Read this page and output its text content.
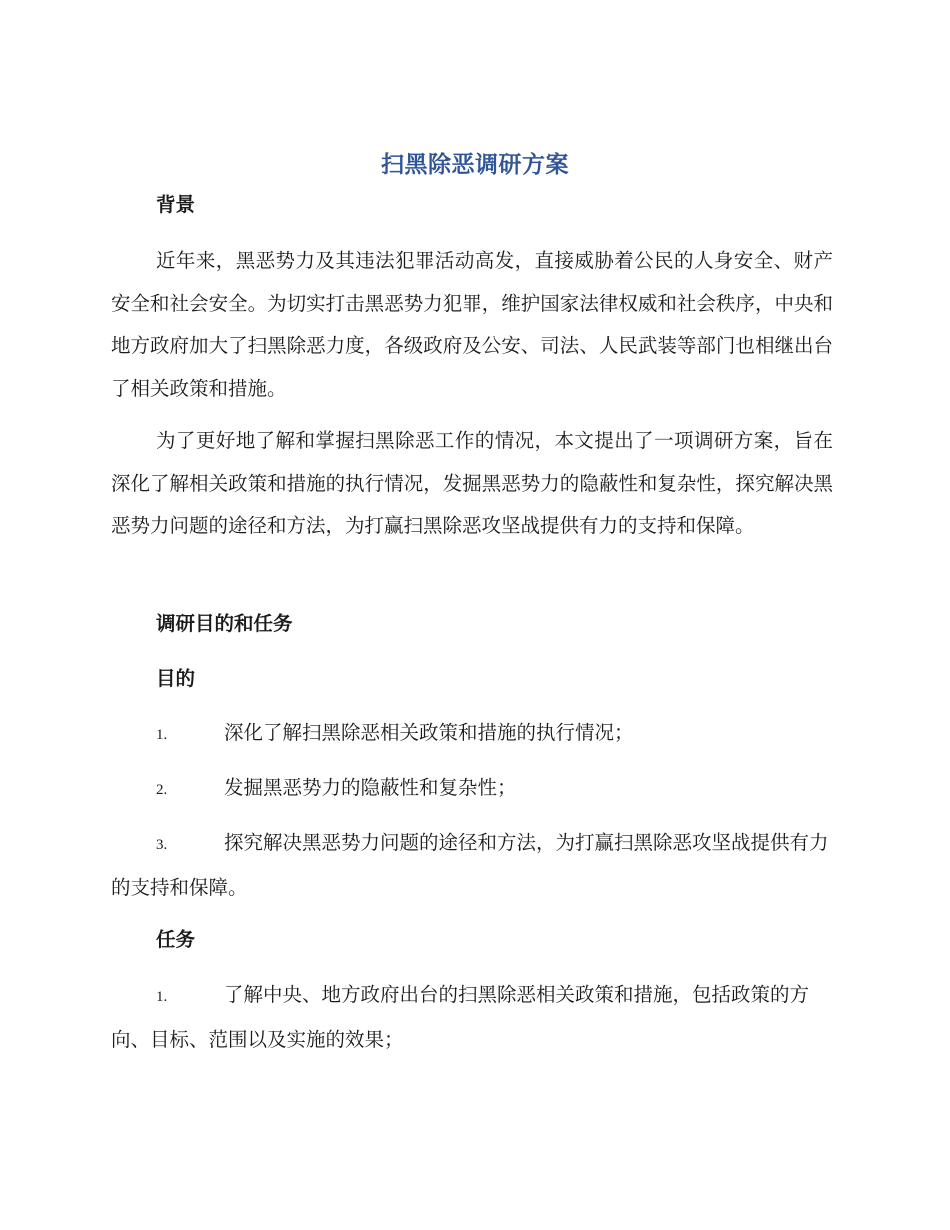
扫黑除恶调研方案
背景

近年来，黑恶势力及其违法犯罪活动高发，直接威胁着公民的人身安全、财产安全和社会安全。为切实打击黑恶势力犯罪，维护国家法律权威和社会秩序，中央和地方政府加大了扫黑除恶力度，各级政府及公安、司法、人民武装等部门也相继出台了相关政策和措施。

为了更好地了解和掌握扫黑除恶工作的情况，本文提出了一项调研方案，旨在深化了解相关政策和措施的执行情况，发掘黑恶势力的隐蔽性和复杂性，探究解决黑恶势力问题的途径和方法，为打赢扫黑除恶攻坚战提供有力的支持和保障。

调研目的和任务
目的

1.	深化了解扫黑除恶相关政策和措施的执行情况；

2.	发掘黑恶势力的隐蔽性和复杂性；

3.	探究解决黑恶势力问题的途径和方法，为打赢扫黑除恶攻坚战提供有力的支持和保障。

任务

1.	了解中央、地方政府出台的扫黑除恶相关政策和措施，包括政策的方向、目标、范围以及实施的效果；
